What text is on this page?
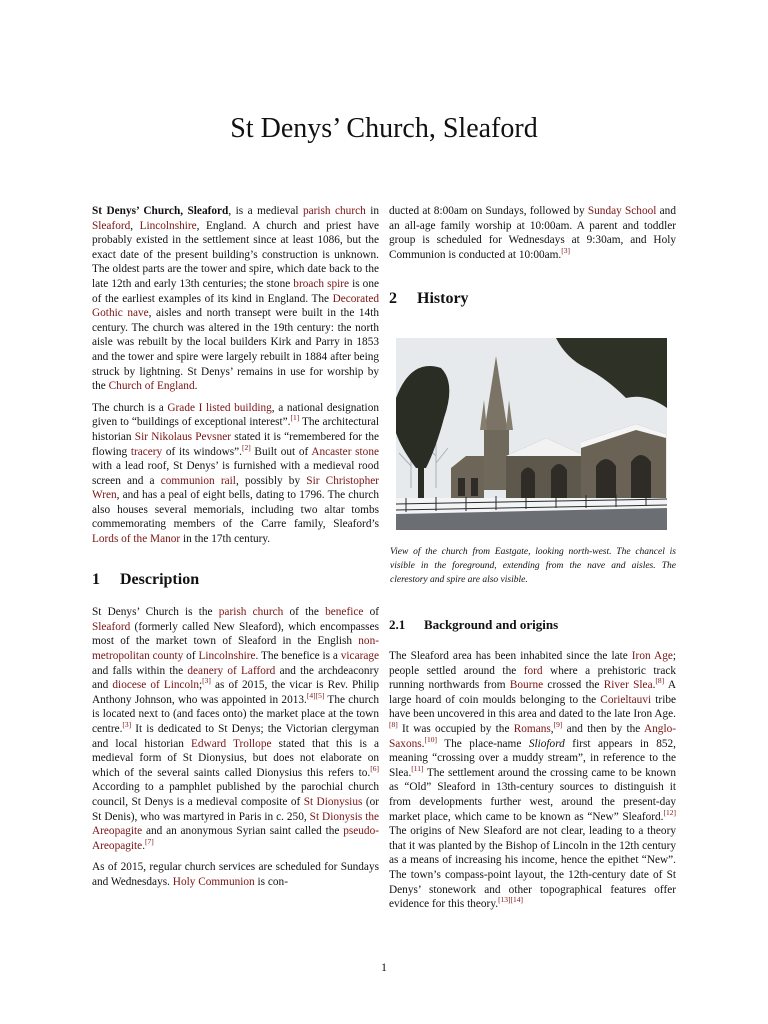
St Denys’ Church, Sleaford

St Denys’ Church, Sleaford, is a medieval parish church in Sleaford, Lincolnshire, England. A church and priest have probably existed in the settlement since at least 1086, but the exact date of the present building’s construction is unknown. The oldest parts are the tower and spire, which date back to the late 12th and early 13th centuries; the stone broach spire is one of the earliest examples of its kind in England. The Decorated Gothic nave, aisles and north transept were built in the 14th century. The church was altered in the 19th century: the north aisle was rebuilt by the local builders Kirk and Parry in 1853 and the tower and spire were largely rebuilt in 1884 after being struck by lightning. St Denys’ remains in use for worship by the Church of England.

The church is a Grade I listed building, a national designation given to “buildings of exceptional interest”.[1] The architectural historian Sir Nikolaus Pevsner stated it is “remembered for the flowing tracery of its windows”.[2] Built out of Ancaster stone with a lead roof, St Denys’ is furnished with a medieval rood screen and a communion rail, possibly by Sir Christopher Wren, and has a peal of eight bells, dating to 1796. The church also houses several memorials, including two altar tombs commemorating members of the Carre family, Sleaford’s Lords of the Manor in the 17th century.

1 Description

St Denys’ Church is the parish church of the benefice of Sleaford (formerly called New Sleaford), which encompasses most of the market town of Sleaford in the English non-metropolitan county of Lincolnshire. The benefice is a vicarage and falls within the deanery of Lafford and the archdeaconry and diocese of Lincoln;[3] as of 2015, the vicar is Rev. Philip Anthony Johnson, who was appointed in 2013.[4][5] The church is located next to (and faces onto) the market place at the town centre.[3] It is dedicated to St Denys; the Victorian clergyman and local historian Edward Trollope stated that this is a medieval form of St Dionysius, but does not elaborate on which of the several saints called Dionysius this refers to.[6] According to a pamphlet published by the parochial church council, St Denys is a medieval composite of St Dionysius (or St Denis), who was martyred in Paris in c. 250, St Dionysis the Areopagite and an anonymous Syrian saint called the pseudo-Areopagite.[7]

As of 2015, regular church services are scheduled for Sundays and Wednesdays. Holy Communion is con-

ducted at 8:00am on Sundays, followed by Sunday School and an all-age family worship at 10:00am. A parent and toddler group is scheduled for Wednesdays at 9:30am, and Holy Communion is conducted at 10:00am.[3]

2 History
2.1 Background and origins

The Sleaford area has been inhabited since the late Iron Age; people settled around the ford where a prehistoric track running northwards from Bourne crossed the River Slea.[8] A large hoard of coin moulds belonging to the Corieltauvi tribe have been uncovered in this area and dated to the late Iron Age.[8] It was occupied by the Romans,[9] and then by the Anglo-Saxons.[10] The place-name Slioford first appears in 852, meaning “crossing over a muddy stream”, in reference to the Slea.[11] The settlement around the crossing came to be known as “Old” Sleaford in 13th-century sources to distinguish it from developments further west, around the present-day market place, which came to be known as “New” Sleaford.[12] The origins of New Sleaford are not clear, leading to a theory that it was planted by the Bishop of Lincoln in the 12th century as a means of increasing his income, hence the epithet “New”. The town’s compass-point layout, the 12th-century date of St Denys’ stonework and other topographical features offer evidence for this theory.[13][14]

View of the church from Eastgate, looking north-west. The chancel is visible in the foreground, extending from the nave and aisles. The clerestory and spire are also visible.
1
